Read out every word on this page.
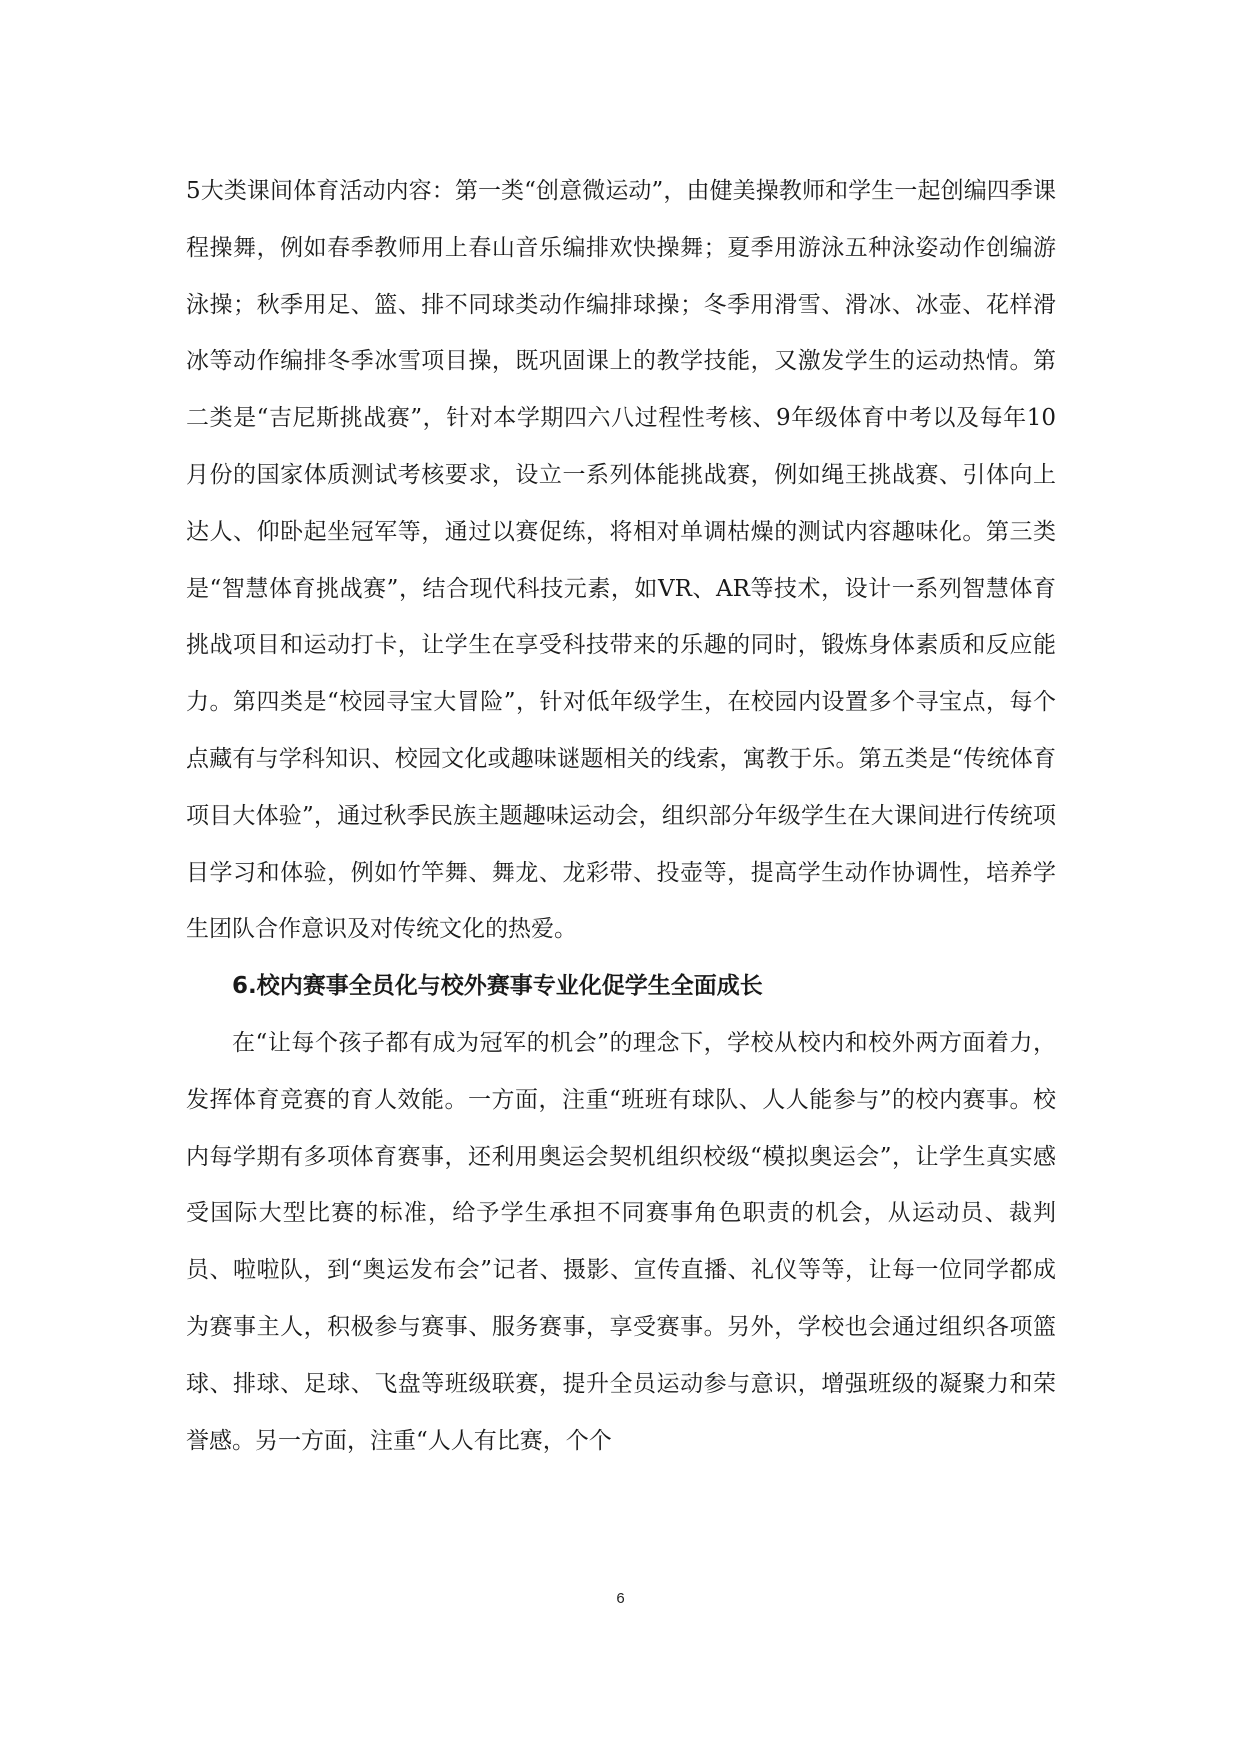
5大类课间体育活动内容：第一类“创意微运动”，由健美操教师和学生一起创编四季课程操舞，例如春季教师用上春山音乐编排欢快操舞；夏季用游泳五种泳姿动作创编游泳操；秋季用足、篮、排不同球类动作编排球操；冬季用滑雪、滑冰、冰壶、花样滑冰等动作编排冬季冰雪项目操，既巩固课上的教学技能，又激发学生的运动热情。第二类是“吉尼斯挑战赛”，针对本学期四六八过程性考核、9年级体育中考以及每年10月份的国家体质测试考核要求，设立一系列体能挑战赛，例如绳王挑战赛、引体向上达人、仰卧起坐冠军等，通过以赛促练，将相对单调枯燥的测试内容趣味化。第三类是“智慧体育挑战赛”，结合现代科技元素，如VR、AR等技术，设计一系列智慧体育挑战项目和运动打卡，让学生在享受科技带来的乐趣的同时，锻炼身体素质和反应能力。第四类是“校园寻宝大冒险”，针对低年级学生，在校园内设置多个寻宝点，每个点藏有与学科知识、校园文化或趣味谜题相关的线索，寓教于乐。第五类是“传统体育项目大体验”，通过秋季民族主题趣味运动会，组织部分年级学生在大课间进行传统项目学习和体验，例如竹竿舞、舞龙、龙彩带、投壶等，提高学生动作协调性，培养学生团队合作意识及对传统文化的热爱。

6.校内赛事全员化与校外赛事专业化促学生全面成长

在“让每个孩子都有成为冠军的机会”的理念下，学校从校内和校外两方面着力，发挥体育竞赛的育人效能。一方面，注重“班班有球队、人人能参与”的校内赛事。校内每学期有多项体育赛事，还利用奥运会契机组织校级“模拟奥运会”，让学生真实感受国际大型比赛的标准，给予学生承担不同赛事角色职责的机会，从运动员、裁判员、啦啦队，到“奥运发布会”记者、摄影、宣传直播、礼仪等等，让每一位同学都成为赛事主人，积极参与赛事、服务赛事，享受赛事。另外，学校也会通过组织各项篮球、排球、足球、飞盘等班级联赛，提升全员运动参与意识，增强班级的凝聚力和荣誉感。另一方面，注重“人人有比赛，个个

6
